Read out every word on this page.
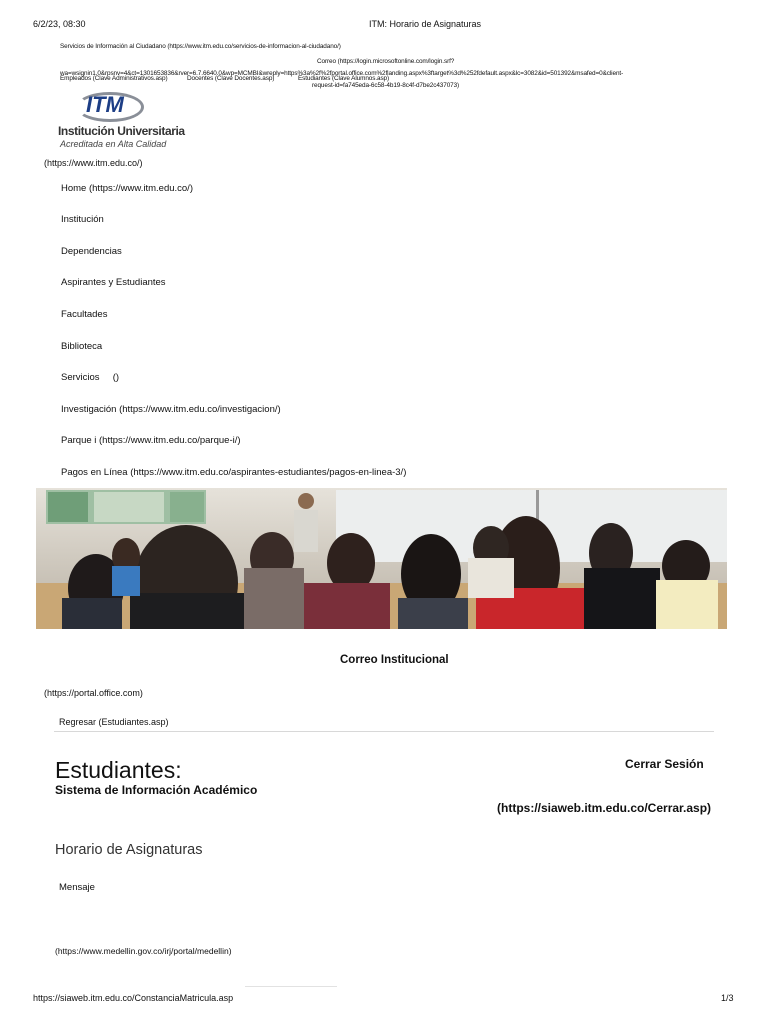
6/2/23, 08:30	ITM: Horario de Asignaturas
Servicios de Información al Ciudadano (https://www.itm.edu.co/servicios-de-informacion-al-ciudadano/)
Correo (https://login.microsoftonline.com/login.srf?
wa=wsignin1.0&rpsnv=4&ct=1301653836&rver=6.7.6640.0&wp=MCMBI&wreply=https%3a%2f%2fportal.office.com%2flanding.aspx%3ftarget%3d%252fdefault.aspx&lc=3082&id=501392&msafed=0&client-
Empleados (Clave Administrativos.asp)	Docentes (Clave Docentes.asp)	Estudiantes (Clave Alumnos.asp)
request-id=fa745eda-6c58-4b19-8c4f-d7be2c437073)
ITM
Institución Universitaria
Acreditada en Alta Calidad
(https://www.itm.edu.co/)
Home (https://www.itm.edu.co/)
Institución
Dependencias
Aspirantes y Estudiantes
Facultades
Biblioteca
Servicios     ()
Investigación (https://www.itm.edu.co/investigacion/)
Parque i (https://www.itm.edu.co/parque-i/)
Pagos en Línea (https://www.itm.edu.co/aspirantes-estudiantes/pagos-en-linea-3/)
Correo Institucional
(https://portal.office.com)
Regresar (Estudiantes.asp)
Estudiantes:
Sistema de Información Académico
Cerrar Sesión
(https://siaweb.itm.edu.co/Cerrar.asp)
Horario de Asignaturas
Mensaje
(https://www.medellin.gov.co/irj/portal/medellin)
https://siaweb.itm.edu.co/ConstanciaMatricula.asp	1/3
